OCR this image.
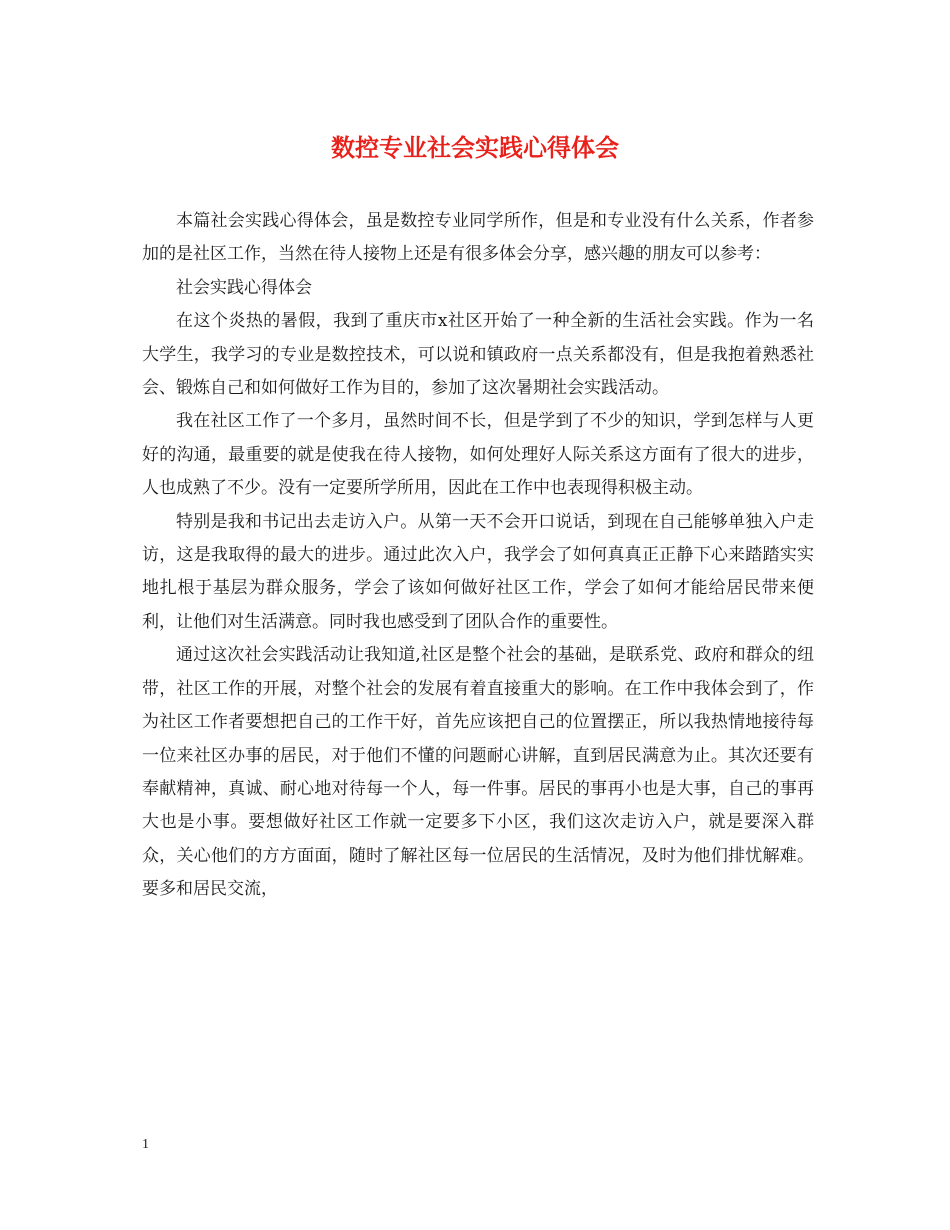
数控专业社会实践心得体会

本篇社会实践心得体会，虽是数控专业同学所作，但是和专业没有什么关系，作者参加的是社区工作，当然在待人接物上还是有很多体会分享，感兴趣的朋友可以参考：

社会实践心得体会

在这个炎热的暑假，我到了重庆市x社区开始了一种全新的生活社会实践。作为一名大学生，我学习的专业是数控技术，可以说和镇政府一点关系都没有，但是我抱着熟悉社会、锻炼自己和如何做好工作为目的，参加了这次暑期社会实践活动。

我在社区工作了一个多月，虽然时间不长，但是学到了不少的知识，学到怎样与人更好的沟通，最重要的就是使我在待人接物，如何处理好人际关系这方面有了很大的进步，人也成熟了不少。没有一定要所学所用，因此在工作中也表现得积极主动。

特别是我和书记出去走访入户。从第一天不会开口说话，到现在自己能够单独入户走访，这是我取得的最大的进步。通过此次入户，我学会了如何真真正正静下心来踏踏实实地扎根于基层为群众服务，学会了该如何做好社区工作，学会了如何才能给居民带来便利，让他们对生活满意。同时我也感受到了团队合作的重要性。

通过这次社会实践活动让我知道,社区是整个社会的基础，是联系党、政府和群众的纽带，社区工作的开展，对整个社会的发展有着直接重大的影响。在工作中我体会到了，作为社区工作者要想把自己的工作干好，首先应该把自己的位置摆正，所以我热情地接待每一位来社区办事的居民，对于他们不懂的问题耐心讲解，直到居民满意为止。其次还要有奉献精神，真诚、耐心地对待每一个人，每一件事。居民的事再小也是大事，自己的事再大也是小事。要想做好社区工作就一定要多下小区，我们这次走访入户，就是要深入群众，关心他们的方方面面，随时了解社区每一位居民的生活情况，及时为他们排忧解难。要多和居民交流，

1
